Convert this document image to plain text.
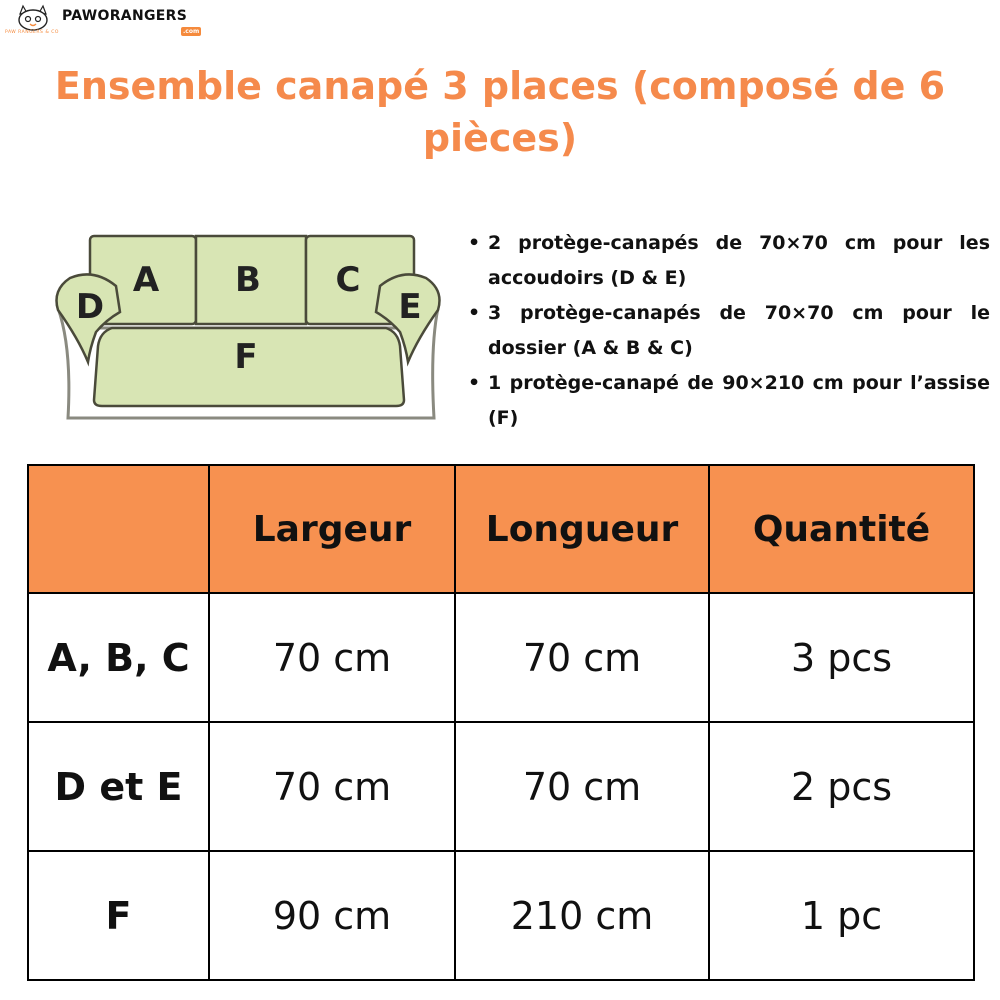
PAW RANGERS & CO
PAWORANGERS
.com
Ensemble canapé 3 places (composé de 6 pièces)
A B C
D	E
F
• 2 protège-canapés de 70×70 cm pour les accoudoirs (D & E)
• 3 protège-canapés de 70×70 cm pour le dossier (A & B & C)
• 1 protège-canapé de 90×210 cm pour l’assise (F)
	Largeur	Longueur	Quantité
A, B, C	70 cm	70 cm	3 pcs
D et E	70 cm	70 cm	2 pcs
F	90 cm	210 cm	1 pc
